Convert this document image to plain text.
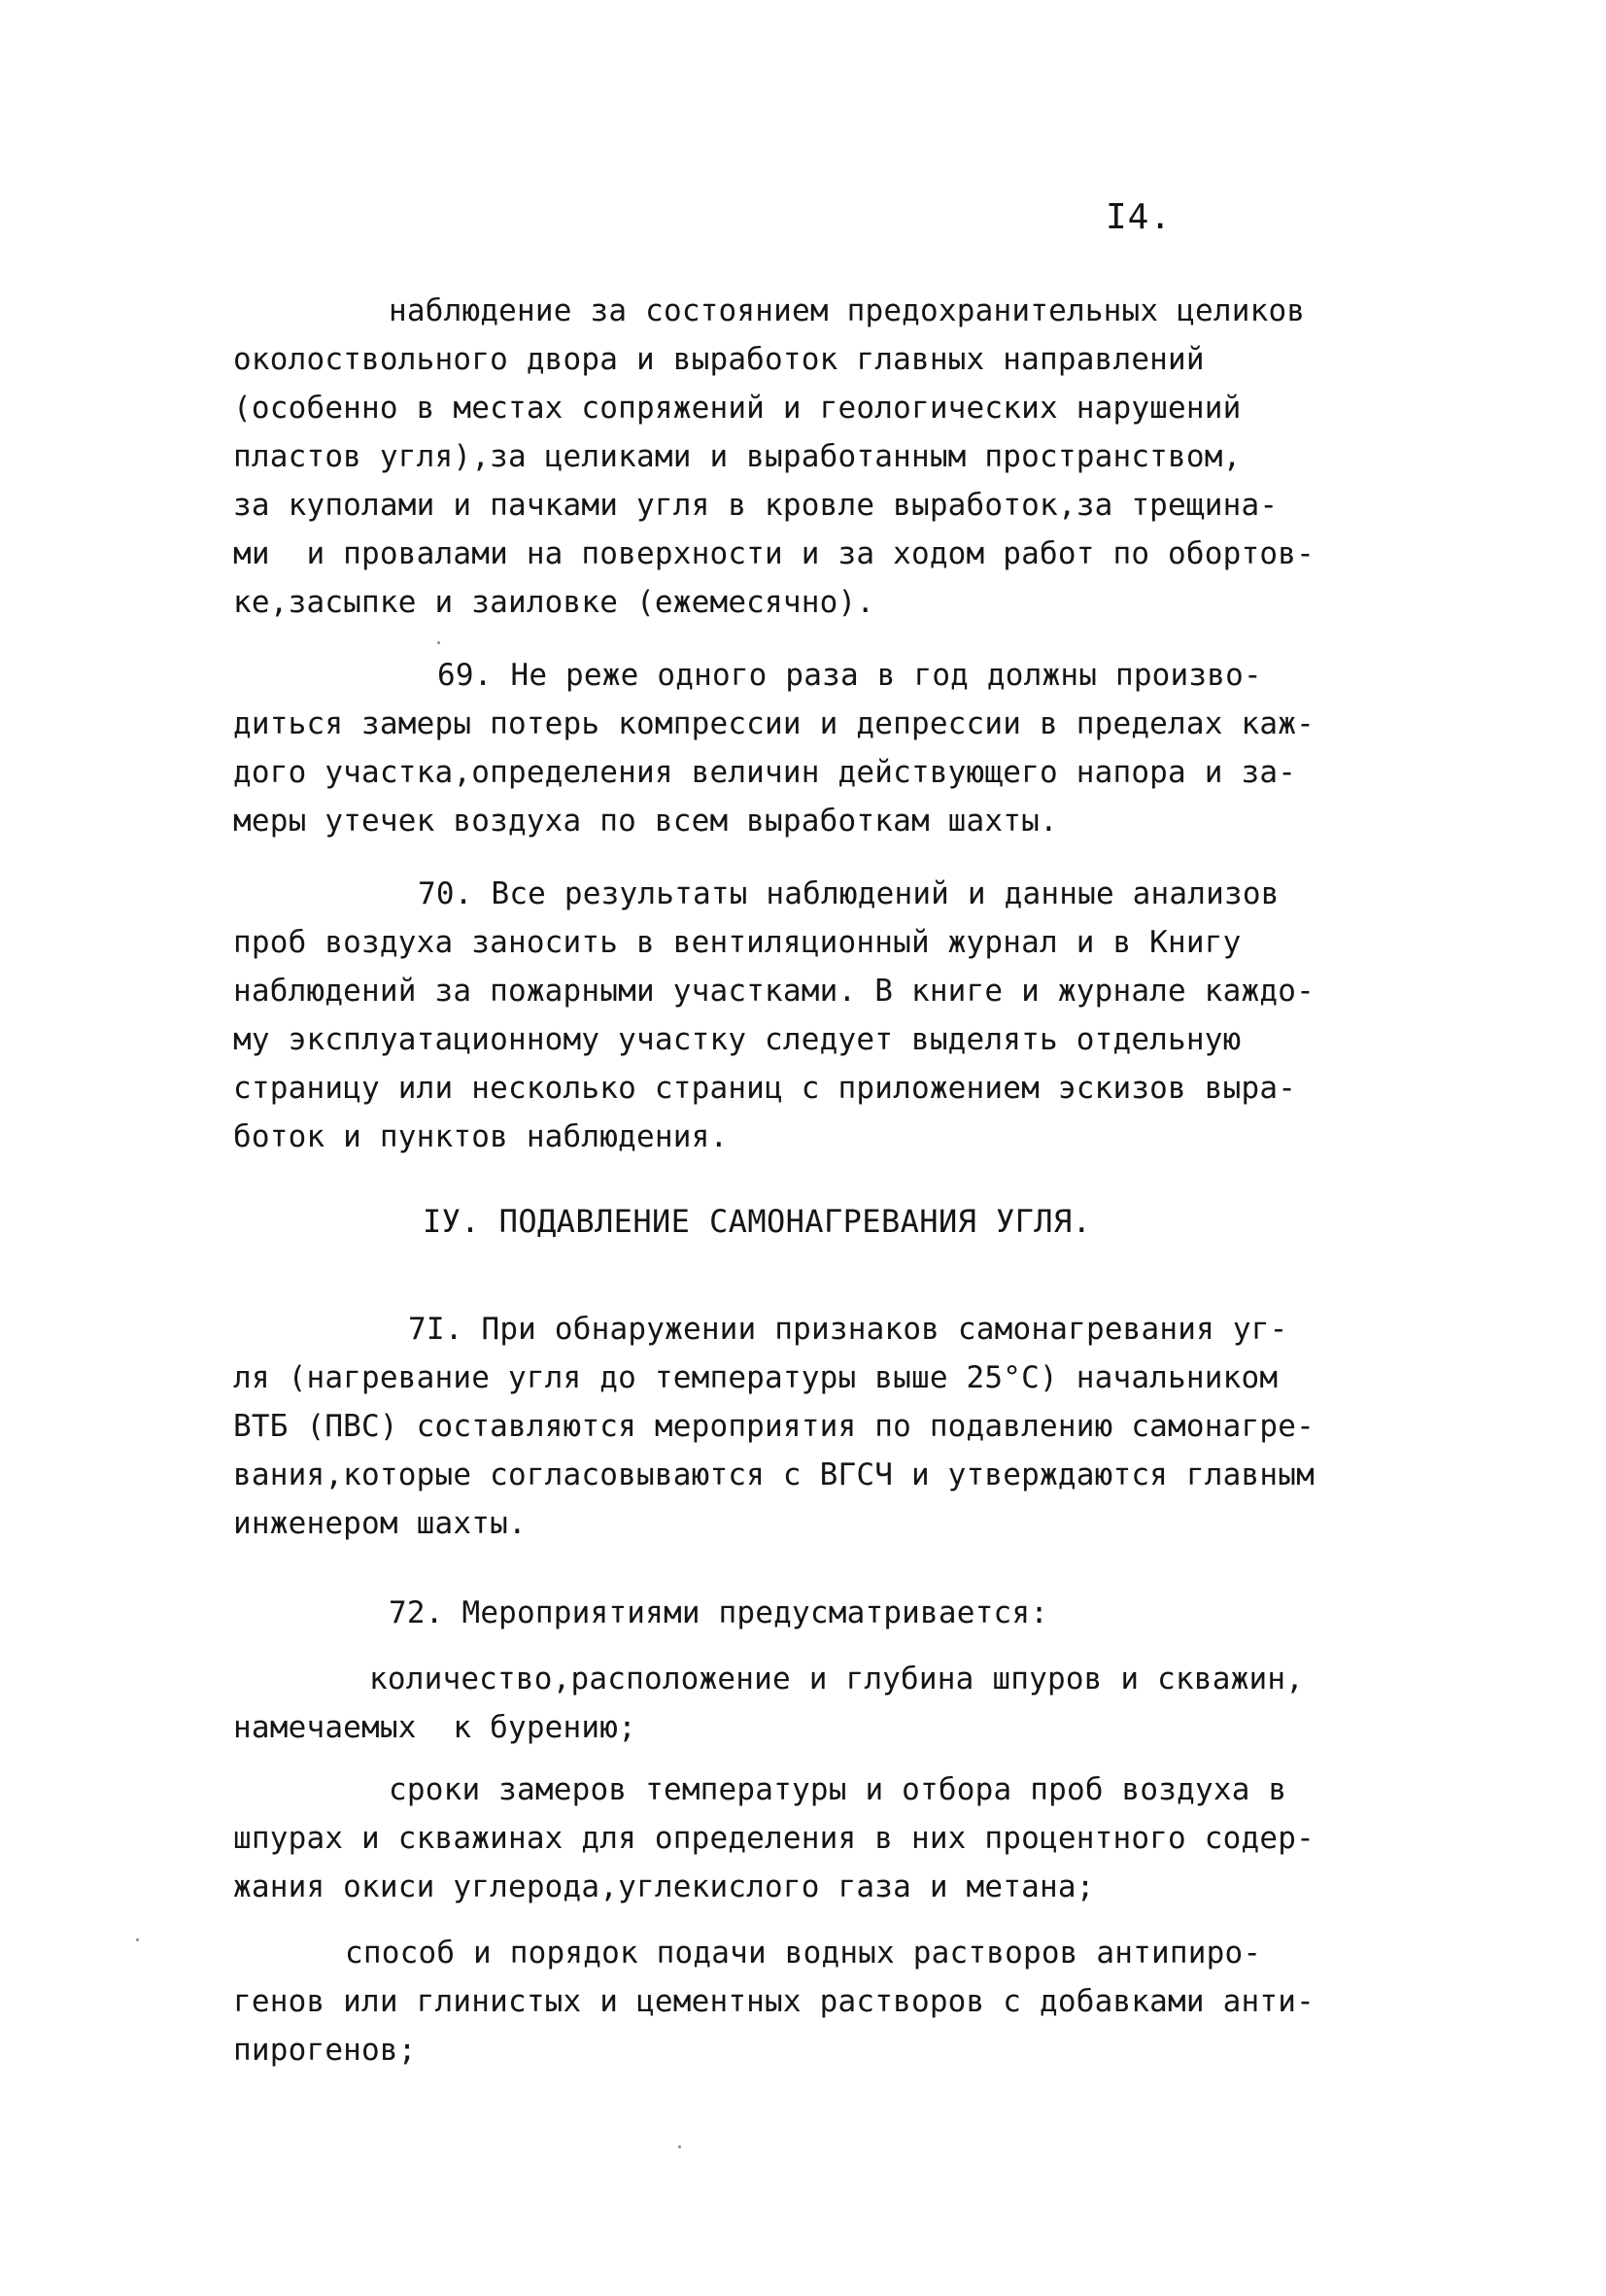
I4.
наблюдение за состоянием предохранительных целиков
околоствольного двора и выработок главных направлений
(особенно в местах сопряжений и геологических нарушений
пластов угля),за целиками и выработанным пространством,
за куполами и пачками угля в кровле выработок,за трещина-
ми  и провалами на поверхности и за ходом работ по обортов-
ке,засыпке и заиловке (ежемесячно).
69. Не реже одного раза в год должны произво-
диться замеры потерь компрессии и депрессии в пределах каж-
дого участка,определения величин действующего напора и за-
меры утечек воздуха по всем выработкам шахты.
70. Все результаты наблюдений и данные анализов
проб воздуха заносить в вентиляционный журнал и в Книгу
наблюдений за пожарными участками. В книге и журнале каждо-
му эксплуатационному участку следует выделять отдельную
страницу или несколько страниц с приложением эскизов выра-
боток и пунктов наблюдения.
IУ. ПОДАВЛЕНИЕ САМОНАГРЕВАНИЯ УГЛЯ.
7I. При обнаружении признаков самонагревания уг-
ля (нагревание угля до температуры выше 25°С) начальником
ВТБ (ПВС) составляются мероприятия по подавлению самонагре-
вания,которые согласовываются с ВГСЧ и утверждаются главным
инженером шахты.
72. Мероприятиями предусматривается:
количество,расположение и глубина шпуров и скважин,
намечаемых  к бурению;
сроки замеров температуры и отбора проб воздуха в
шпурах и скважинах для определения в них процентного содер-
жания окиси углерода,углекислого газа и метана;
способ и порядок подачи водных растворов антипиро-
генов или глинистых и цементных растворов с добавками анти-
пирогенов;
